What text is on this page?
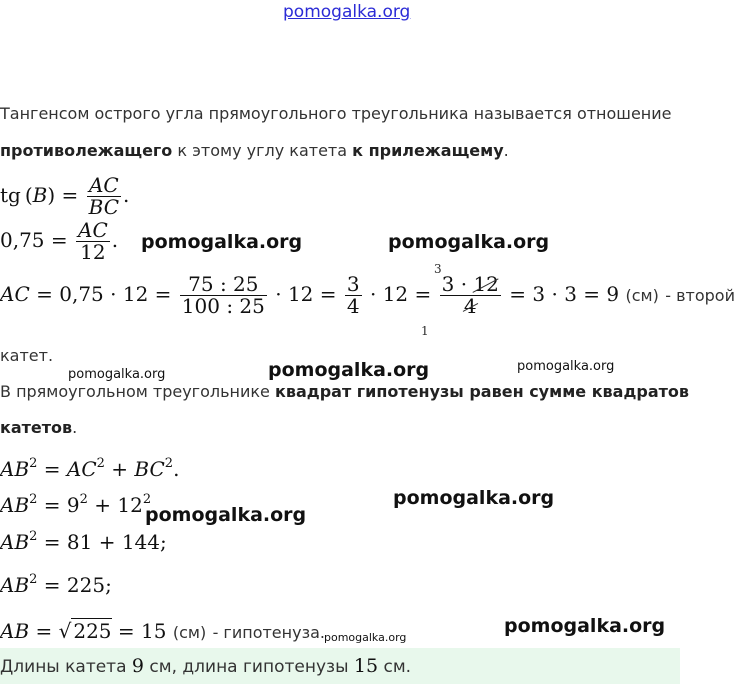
pomogalka.org
Тангенсом острого угла прямоугольного треугольника называется отношение
противолежащего к этому углу катета к прилежащему.
tg $(B) = \frac{AC}{BC}$ .
$0,75 = \frac{AC}{12}$ . pomogalka.org	pomogalka.org
AC = $0,75 \cdot 12 = \frac{75 : 25}{100 : 25} \cdot 12 = \frac{3}{4} \cdot 12 = \frac{3 \cdot 12}{4} = 3 \cdot 3 = 9$ (см) - второй
3
1
катет.
pomogalka.org	pomogalka.org	pomogalka.org
В прямоугольном треугольнике квадрат гипотенузы равен сумме квадратов
катетов.
$AB^2 = AC^2 + BC^2$.
$AB^2 = 9^2 + 12^2$	pomogalka.org
pomogalka.org
$AB^2 = 81 + 144$;
$AB^2 = 225$;
AB = √ 225 = 15 (см) - гипотенуза. pomogalka.org
pomogalka.org
Длины катета 9 см, длина гипотенузы 15 см.
